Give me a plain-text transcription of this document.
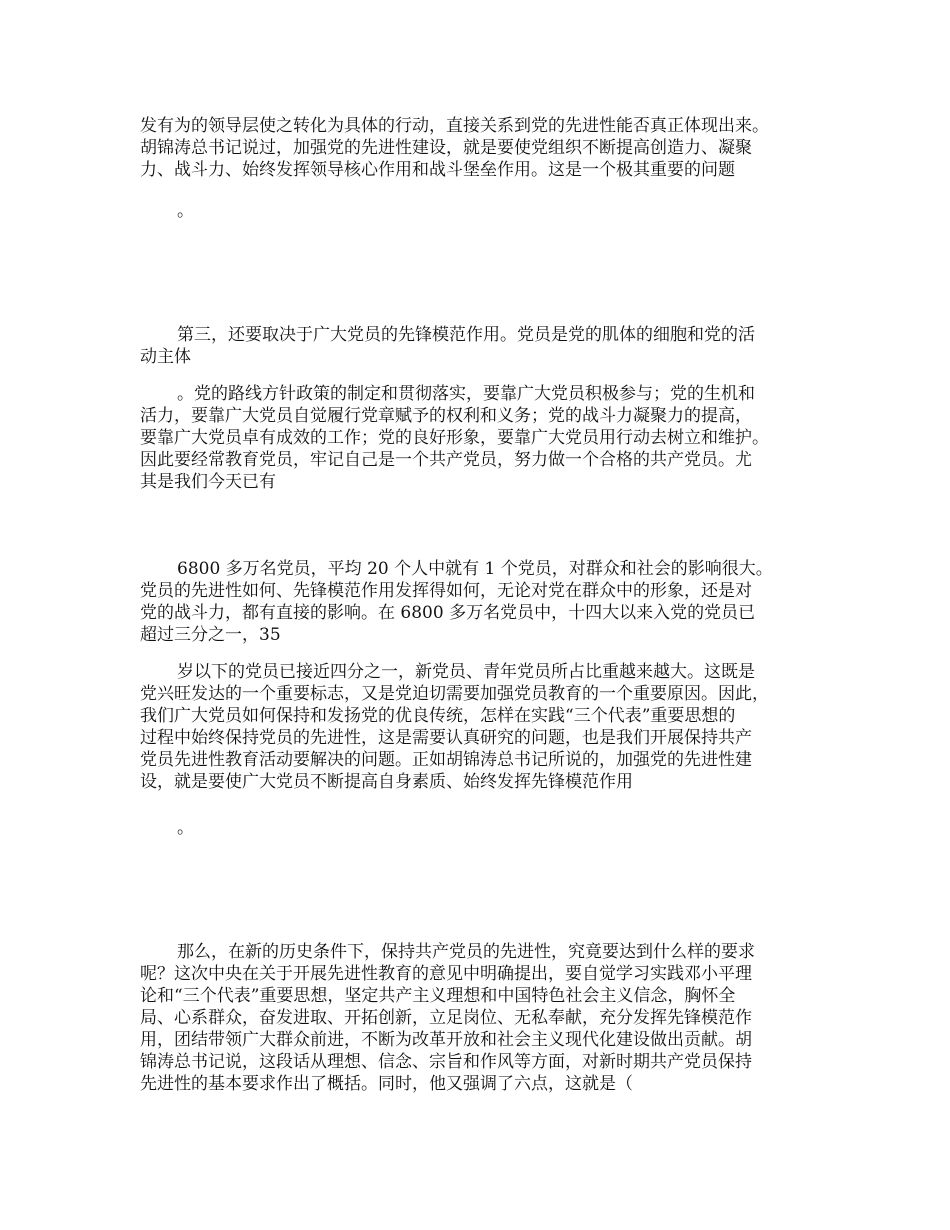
发有为的领导层使之转化为具体的行动，直接关系到党的先进性能否真正体现出来。
胡锦涛总书记说过，加强党的先进性建设，就是要使党组织不断提高创造力、凝聚
力、战斗力、始终发挥领导核心作用和战斗堡垒作用。这是一个极其重要的问题
。
第三，还要取决于广大党员的先锋模范作用。党员是党的肌体的细胞和党的活
动主体
。党的路线方针政策的制定和贯彻落实，要靠广大党员积极参与；党的生机和
活力，要靠广大党员自觉履行党章赋予的权利和义务；党的战斗力凝聚力的提高，
要靠广大党员卓有成效的工作；党的良好形象，要靠广大党员用行动去树立和维护。
因此要经常教育党员，牢记自己是一个共产党员，努力做一个合格的共产党员。尤
其是我们今天已有
6800 多万名党员，平均 20 个人中就有 1 个党员，对群众和社会的影响很大。
党员的先进性如何、先锋模范作用发挥得如何，无论对党在群众中的形象，还是对
党的战斗力，都有直接的影响。在 6800 多万名党员中，十四大以来入党的党员已
超过三分之一，35
岁以下的党员已接近四分之一，新党员、青年党员所占比重越来越大。这既是
党兴旺发达的一个重要标志，又是党迫切需要加强党员教育的一个重要原因。因此，
我们广大党员如何保持和发扬党的优良传统，怎样在实践“三个代表”重要思想的
过程中始终保持党员的先进性，这是需要认真研究的问题，也是我们开展保持共产
党员先进性教育活动要解决的问题。正如胡锦涛总书记所说的，加强党的先进性建
设，就是要使广大党员不断提高自身素质、始终发挥先锋模范作用
。
那么，在新的历史条件下，保持共产党员的先进性，究竟要达到什么样的要求
呢？这次中央在关于开展先进性教育的意见中明确提出，要自觉学习实践邓小平理
论和“三个代表”重要思想，坚定共产主义理想和中国特色社会主义信念，胸怀全
局、心系群众，奋发进取、开拓创新，立足岗位、无私奉献，充分发挥先锋模范作
用，团结带领广大群众前进，不断为改革开放和社会主义现代化建设做出贡献。胡
锦涛总书记说，这段话从理想、信念、宗旨和作风等方面，对新时期共产党员保持
先进性的基本要求作出了概括。同时，他又强调了六点，这就是（
